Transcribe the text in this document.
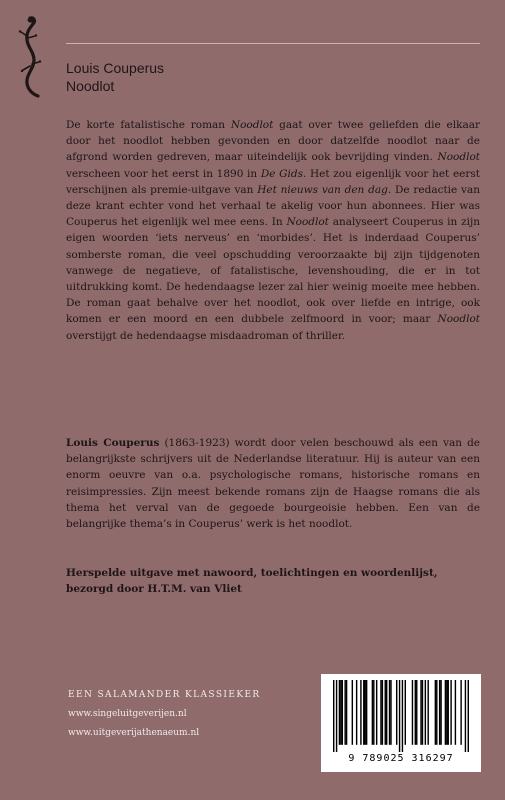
Louis Couperus
Noodlot
De korte fatalistische roman Noodlot gaat over twee geliefden die elkaar door het noodlot hebben gevonden en door datzelfde noodlot naar de afgrond worden gedreven, maar uiteindelijk ook bevrijding vinden. Noodlot verscheen voor het eerst in 1890 in De Gids. Het zou eigenlijk voor het eerst verschijnen als premie-uitgave van Het nieuws van den dag. De redactie van deze krant echter vond het verhaal te akelig voor hun abonnees. Hier was Couperus het eigenlijk wel mee eens. In Noodlot analyseert Couperus in zijn eigen woorden ‘iets nerveus’ en ‘morbides’. Het is inderdaad Couperus’ somberste roman, die veel opschudding veroorzaakte bij zijn tijdgenoten vanwege de negatieve, of fatalistische, levenshouding, die er in tot uitdrukking komt. De hedendaagse lezer zal hier weinig moeite mee hebben. De roman gaat behalve over het noodlot, ook over liefde en intrige, ook komen er een moord en een dubbele zelfmoord in voor; maar Noodlot overstijgt de hedendaagse misdaadroman of thriller.
Louis Couperus (1863-1923) wordt door velen beschouwd als een van de belangrijkste schrijvers uit de Nederlandse literatuur. Hij is auteur van een enorm oeuvre van o.a. psychologische romans, historische romans en reisimpressies. Zijn meest bekende romans zijn de Haagse romans die als thema het verval van de gegoede bourgeoisie hebben. Een van de belangrijke thema’s in Couperus’ werk is het noodlot.
Herspelde uitgave met nawoord, toelichtingen en woordenlijst,
bezorgd door H.T.M. van Vliet
EEN SALAMANDER KLASSIEKER
www.singeluitgeverijen.nl
www.uitgeverijathenaeum.nl
9 789025 316297
